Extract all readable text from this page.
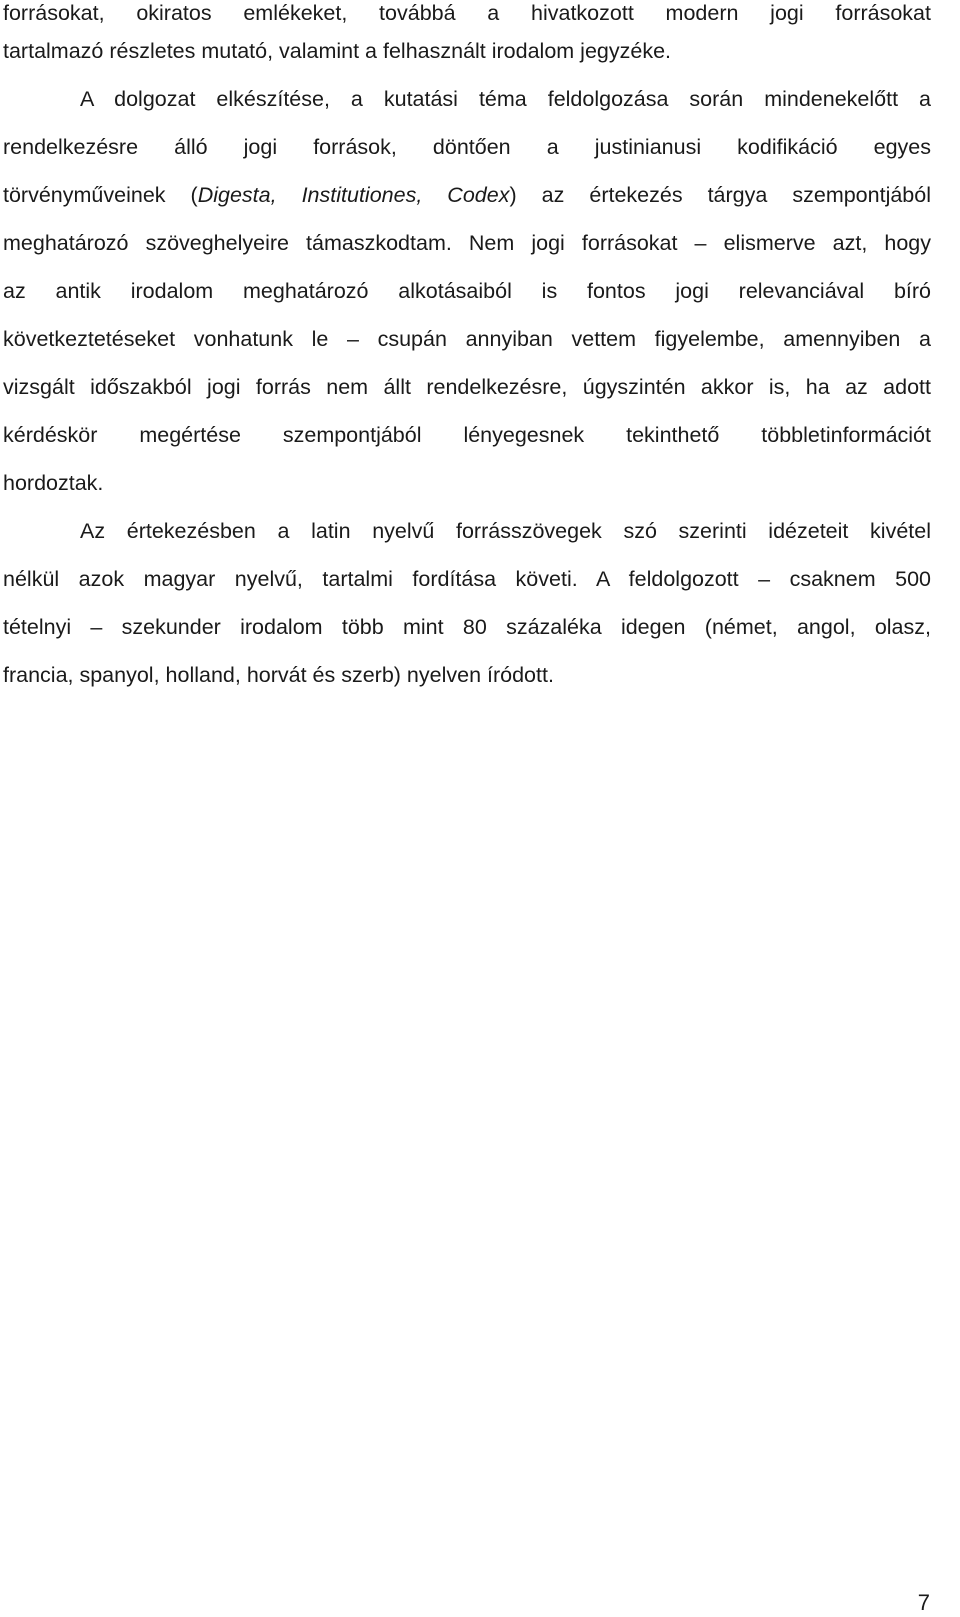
forrásokat, okiratos emlékeket, továbbá a hivatkozott modern jogi forrásokat
tartalmazó részletes mutató, valamint a felhasznált irodalom jegyzéke.
A dolgozat elkészítése, a kutatási téma feldolgozása során mindenekelőtt a
rendelkezésre álló jogi források, döntően a justinianusi kodifikáció egyes
törvényműveinek (Digesta, Institutiones, Codex) az értekezés tárgya szempontjából
meghatározó szöveghelyeire támaszkodtam. Nem jogi forrásokat – elismerve azt, hogy
az antik irodalom meghatározó alkotásaiból is fontos jogi relevanciával bíró
következtetéseket vonhatunk le – csupán annyiban vettem figyelembe, amennyiben a
vizsgált időszakból jogi forrás nem állt rendelkezésre, úgyszintén akkor is, ha az adott
kérdéskör megértése szempontjából lényegesnek tekinthető többletinformációt
hordoztak.
Az értekezésben a latin nyelvű forrásszövegek szó szerinti idézeteit kivétel
nélkül azok magyar nyelvű, tartalmi fordítása követi. A feldolgozott – csaknem 500
tételnyi – szekunder irodalom több mint 80 százaléka idegen (német, angol, olasz,
francia, spanyol, holland, horvát és szerb) nyelven íródott.
7
